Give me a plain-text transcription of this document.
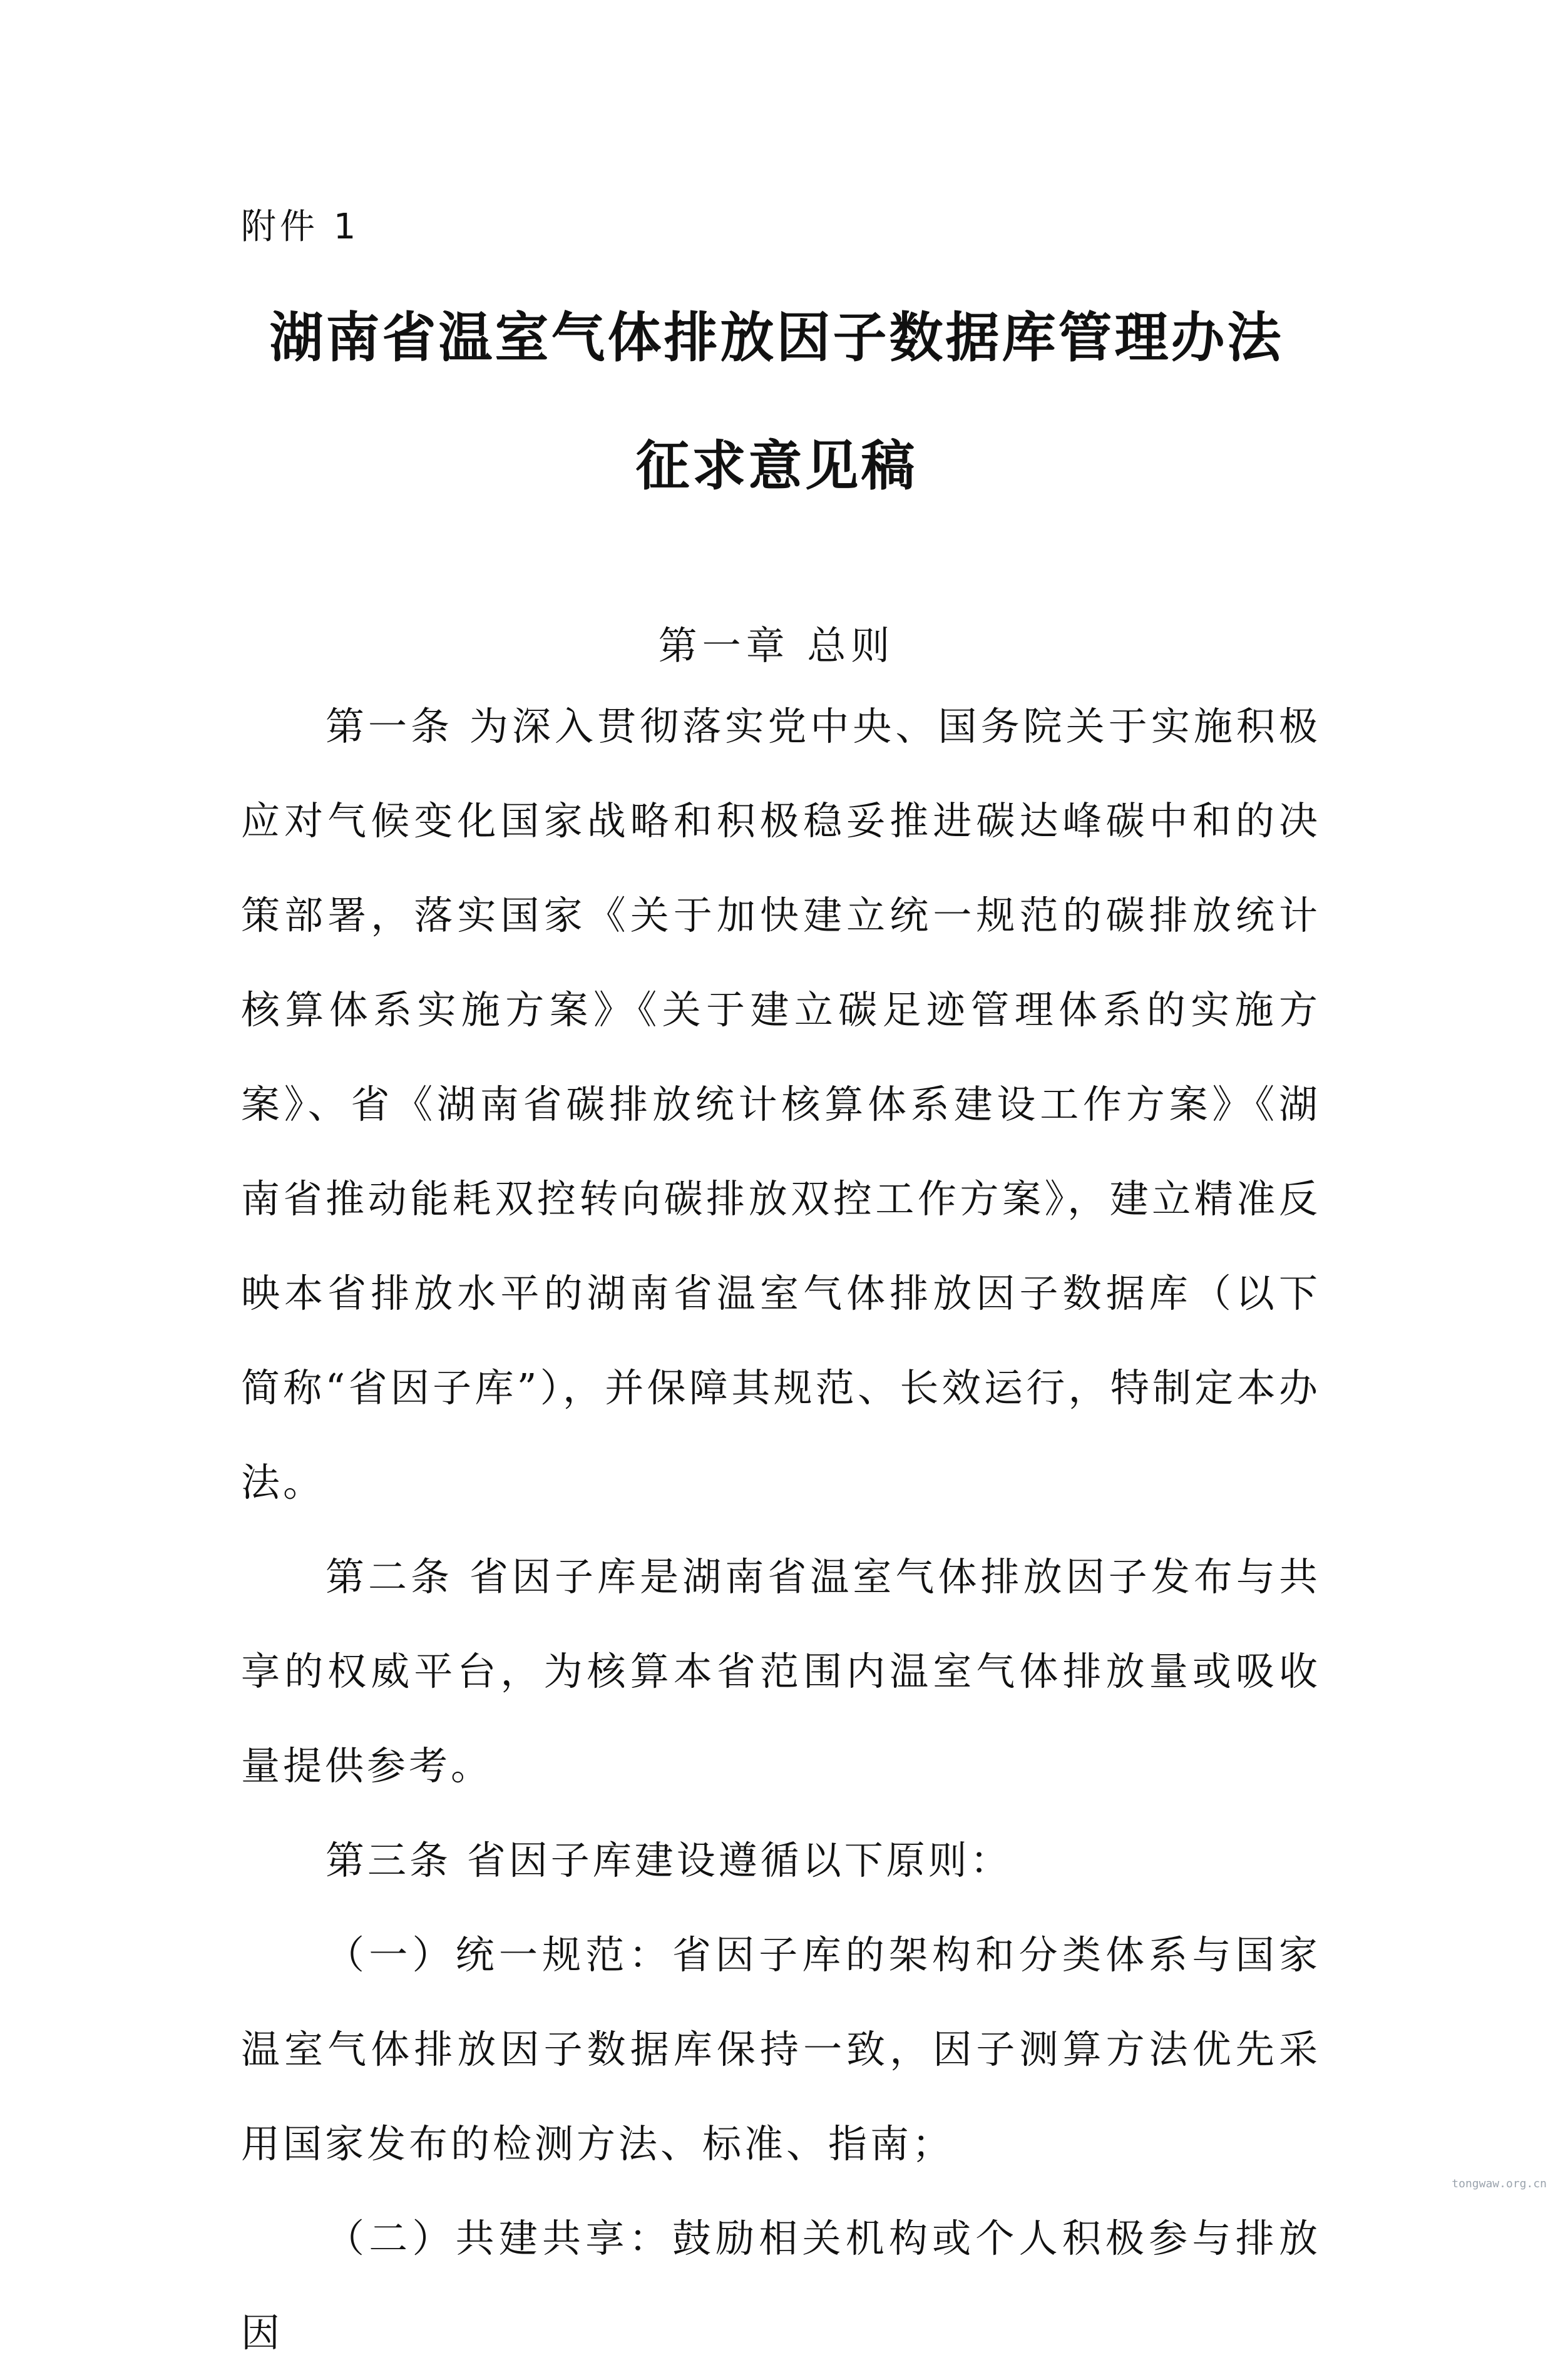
附件 1
湖南省温室气体排放因子数据库管理办法
征求意见稿
第一章 总则

第一条 为深入贯彻落实党中央、国务院关于实施积极应对气候变化国家战略和积极稳妥推进碳达峰碳中和的决策部署，落实国家《关于加快建立统一规范的碳排放统计核算体系实施方案》《关于建立碳足迹管理体系的实施方案》、省《湖南省碳排放统计核算体系建设工作方案》《湖南省推动能耗双控转向碳排放双控工作方案》，建立精准反映本省排放水平的湖南省温室气体排放因子数据库（以下简称“省因子库”），并保障其规范、长效运行，特制定本办法。

第二条 省因子库是湖南省温室气体排放因子发布与共享的权威平台，为核算本省范围内温室气体排放量或吸收量提供参考。

第三条 省因子库建设遵循以下原则：

（一）统一规范：省因子库的架构和分类体系与国家温室气体排放因子数据库保持一致，因子测算方法优先采用国家发布的检测方法、标准、指南；

（二）共建共享：鼓励相关机构或个人积极参与排放因

tongwaw.org.cn
